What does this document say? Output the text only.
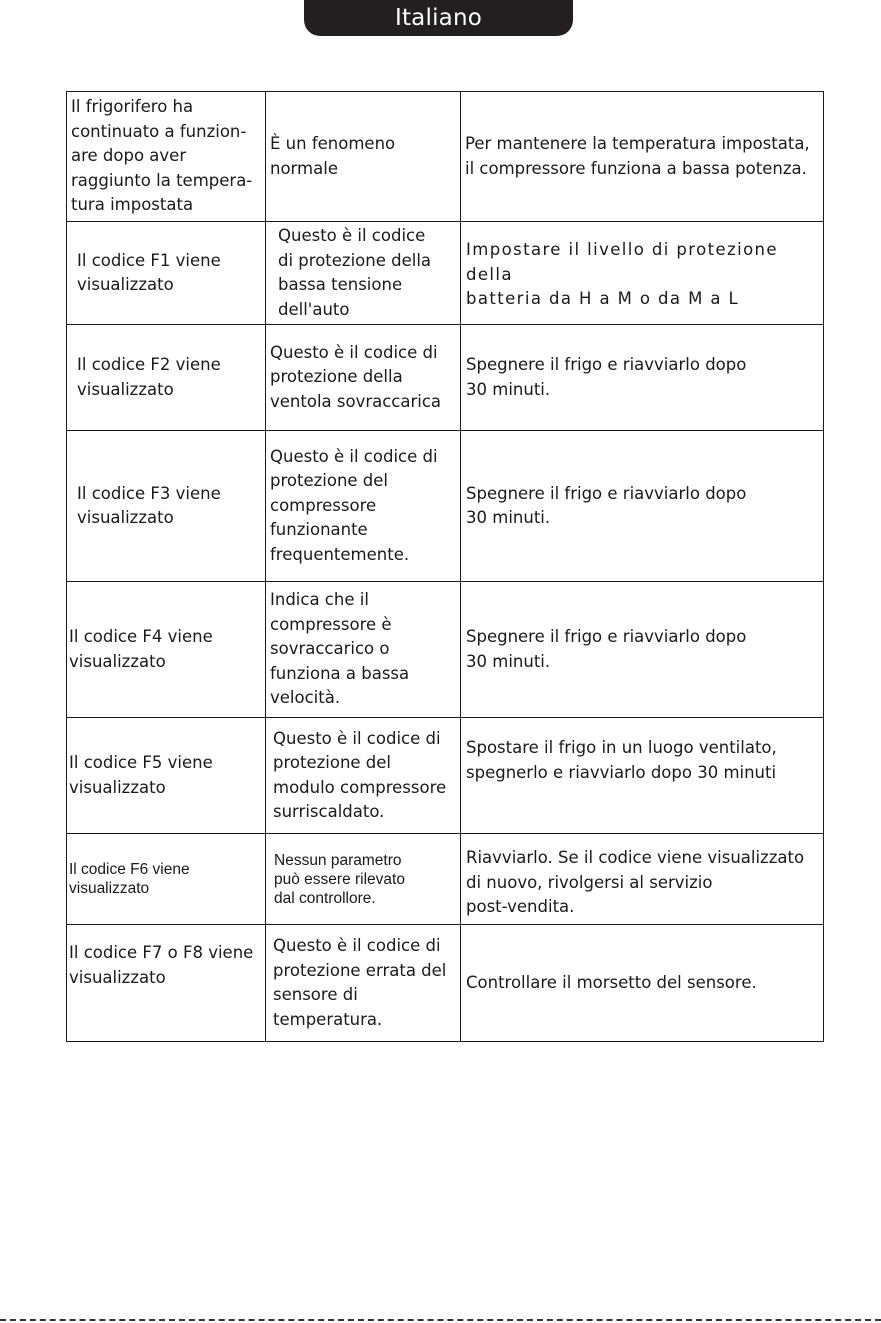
Italiano
Il frigorifero ha
continuato a funzion-
are dopo aver
raggiunto la tempera-
tura impostata	È un fenomeno
normale	Per mantenere la temperatura impostata,
il compressore funziona a bassa potenza.
Il codice F1 viene
visualizzato	Questo è il codice
di protezione della
bassa tensione
dell'auto	Impostare il livello di protezione della
batteria da H a M o da M a L
Il codice F2 viene
visualizzato	Questo è il codice di
protezione della
ventola sovraccarica	Spegnere il frigo e riavviarlo dopo
30 minuti.
Il codice F3 viene
visualizzato	Questo è il codice di
protezione del
compressore
funzionante
frequentemente.	Spegnere il frigo e riavviarlo dopo
30 minuti.
Il codice F4 viene
visualizzato	Indica che il
compressore è
sovraccarico o
funziona a bassa
velocità.	Spegnere il frigo e riavviarlo dopo
30 minuti.
Il codice F5 viene
visualizzato	Questo è il codice di
protezione del
modulo compressore
surriscaldato.	Spostare il frigo in un luogo ventilato,
spegnerlo e riavviarlo dopo 30 minuti
Il codice F6 viene
visualizzato	Nessun parametro
può essere rilevato
dal controllore.	Riavviarlo. Se il codice viene visualizzato
di nuovo, rivolgersi al servizio
post-vendita.
Il codice F7 o F8 viene
visualizzato	Questo è il codice di
protezione errata del
sensore di
temperatura.	Controllare il morsetto del sensore.
